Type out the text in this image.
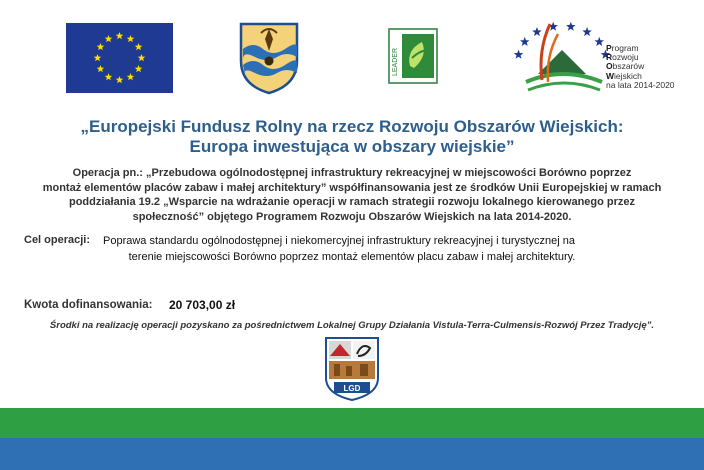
LEADER	Program
Rozwoju
Obszarów
Wiejskich
na lata 2014-2020
„Europejski Fundusz Rolny na rzecz Rozwoju Obszarów Wiejskich:
Europa inwestująca w obszary wiejskie”
Operacja pn.: „Przebudowa ogólnodostępnej infrastruktury rekreacyjnej w miejscowości Borówno poprzez
montaż elementów placów zabaw i małej architektury” współfinansowania jest ze środków Unii Europejskiej w ramach
poddziałania 19.2 „Wsparcie na wdrażanie operacji w ramach strategii rozwoju lokalnego kierowanego przez
społeczność” objętego Programem Rozwoju Obszarów Wiejskich na lata 2014-2020.
Cel operacji: Poprawa standardu ogólnodostępnej i niekomercyjnej infrastruktury rekreacyjnej i turystycznej na
terenie miejscowości Borówno poprzez montaż elementów placu zabaw i małej architektury.
Kwota dofinansowania: 20 703,00 zł
Środki na realizację operacji pozyskano za pośrednictwem Lokalnej Grupy Działania Vistula-Terra-Culmensis-Rozwój Przez Tradycję”.
LGD
